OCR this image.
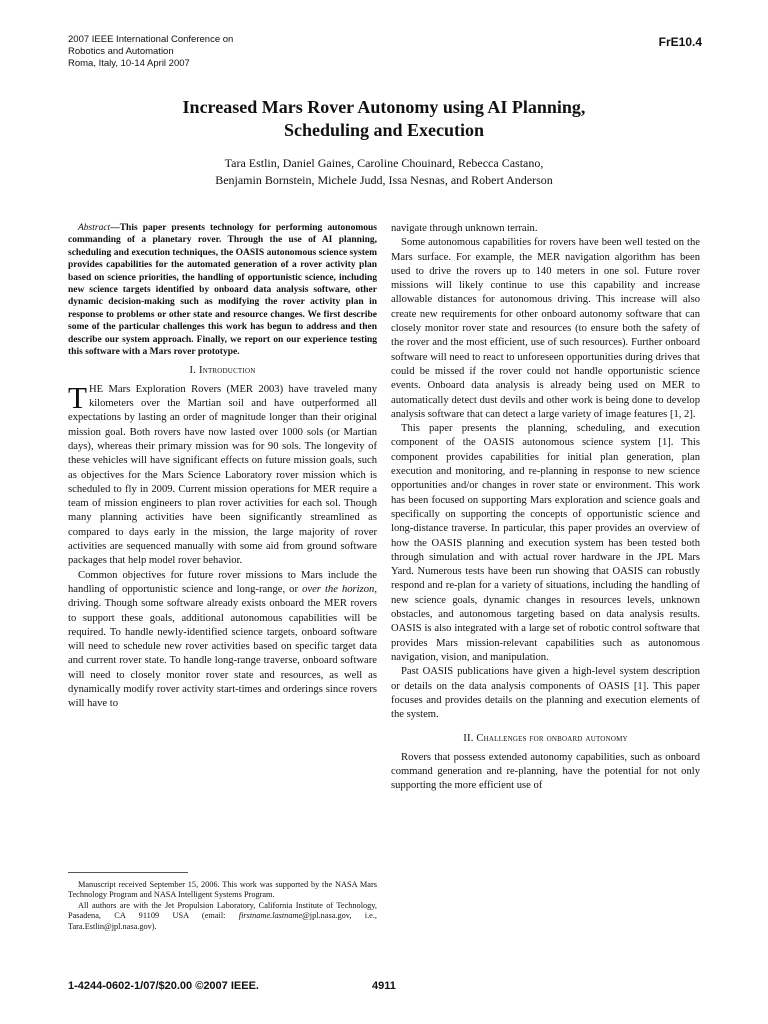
2007 IEEE International Conference on
Robotics and Automation
Roma, Italy, 10-14 April 2007
FrE10.4
Increased Mars Rover Autonomy using AI Planning,
Scheduling and Execution
Tara Estlin, Daniel Gaines, Caroline Chouinard, Rebecca Castano,
Benjamin Bornstein, Michele Judd, Issa Nesnas, and Robert Anderson

Abstract—This paper presents technology for performing autonomous commanding of a planetary rover. Through the use of AI planning, scheduling and execution techniques, the OASIS autonomous science system provides capabilities for the automated generation of a rover activity plan based on science priorities, the handling of opportunistic science, including new science targets identified by onboard data analysis software, other dynamic decision-making such as modifying the rover activity plan in response to problems or other state and resource changes. We first describe some of the particular challenges this work has begun to address and then describe our system approach. Finally, we report on our experience testing this software with a Mars rover prototype.

I. Introduction

THE Mars Exploration Rovers (MER 2003) have traveled many kilometers over the Martian soil and have outperformed all expectations by lasting an order of magnitude longer than their original mission goal. Both rovers have now lasted over 1000 sols (or Martian days), whereas their primary mission was for 90 sols. The longevity of these vehicles will have significant effects on future mission goals, such as objectives for the Mars Science Laboratory rover mission which is scheduled to fly in 2009. Current mission operations for MER require a team of mission engineers to plan rover activities for each sol. Though many planning activities have been significantly streamlined as compared to days early in the mission, the large majority of rover activities are sequenced manually with some aid from ground software packages that help model rover behavior.

Common objectives for future rover missions to Mars include the handling of opportunistic science and long-range, or over the horizon, driving. Though some software already exists onboard the MER rovers to support these goals, additional autonomous capabilities will be required. To handle newly-identified science targets, onboard software will need to schedule new rover activities based on specific target data and current rover state. To handle long-range traverse, onboard software will need to closely monitor rover state and resources, as well as dynamically modify rover activity start-times and orderings since rovers will have to

navigate through unknown terrain.

Some autonomous capabilities for rovers have been well tested on the Mars surface. For example, the MER navigation algorithm has been used to drive the rovers up to 140 meters in one sol. Future rover missions will likely continue to use this capability and increase allowable distances for autonomous driving. This increase will also create new requirements for other onboard autonomy software that can closely monitor rover state and resources (to ensure both the safety of the rover and the most efficient, use of such resources). Further onboard software will need to react to unforeseen opportunities during drives that could be missed if the rover could not handle opportunistic science events. Onboard data analysis is already being used on MER to automatically detect dust devils and other work is being done to develop analysis software that can detect a large variety of image features [1, 2].

This paper presents the planning, scheduling, and execution component of the OASIS autonomous science system [1]. This component provides capabilities for initial plan generation, plan execution and monitoring, and re-planning in response to new science opportunities and/or changes in rover state or environment. This work has been focused on supporting Mars exploration and science goals and specifically on supporting the concepts of opportunistic science and long-distance traverse. In particular, this paper provides an overview of how the OASIS planning and execution system has been tested both through simulation and with actual rover hardware in the JPL Mars Yard. Numerous tests have been run showing that OASIS can robustly respond and re-plan for a variety of situations, including the handling of new science goals, dynamic changes in resources levels, unknown obstacles, and autonomous targeting based on data analysis results. OASIS is also integrated with a large set of robotic control software that provides Mars mission-relevant capabilities such as autonomous navigation, vision, and manipulation.

Past OASIS publications have given a high-level system description or details on the data analysis components of OASIS [1]. This paper focuses and provides details on the planning and execution elements of the system.

II. Challenges for onboard autonomy

Rovers that possess extended autonomy capabilities, such as onboard command generation and re-planning, have the potential for not only supporting the more efficient use of

Manuscript received September 15, 2006. This work was supported by the NASA Mars Technology Program and NASA Intelligent Systems Program.

All authors are with the Jet Propulsion Laboratory, California Institute of Technology, Pasadena, CA 91109 USA (email: firstname.lastname@jpl.nasa.gov, i.e., Tara.Estlin@jpl.nasa.gov).

1-4244-0602-1/07/$20.00 ©2007 IEEE.	4911
